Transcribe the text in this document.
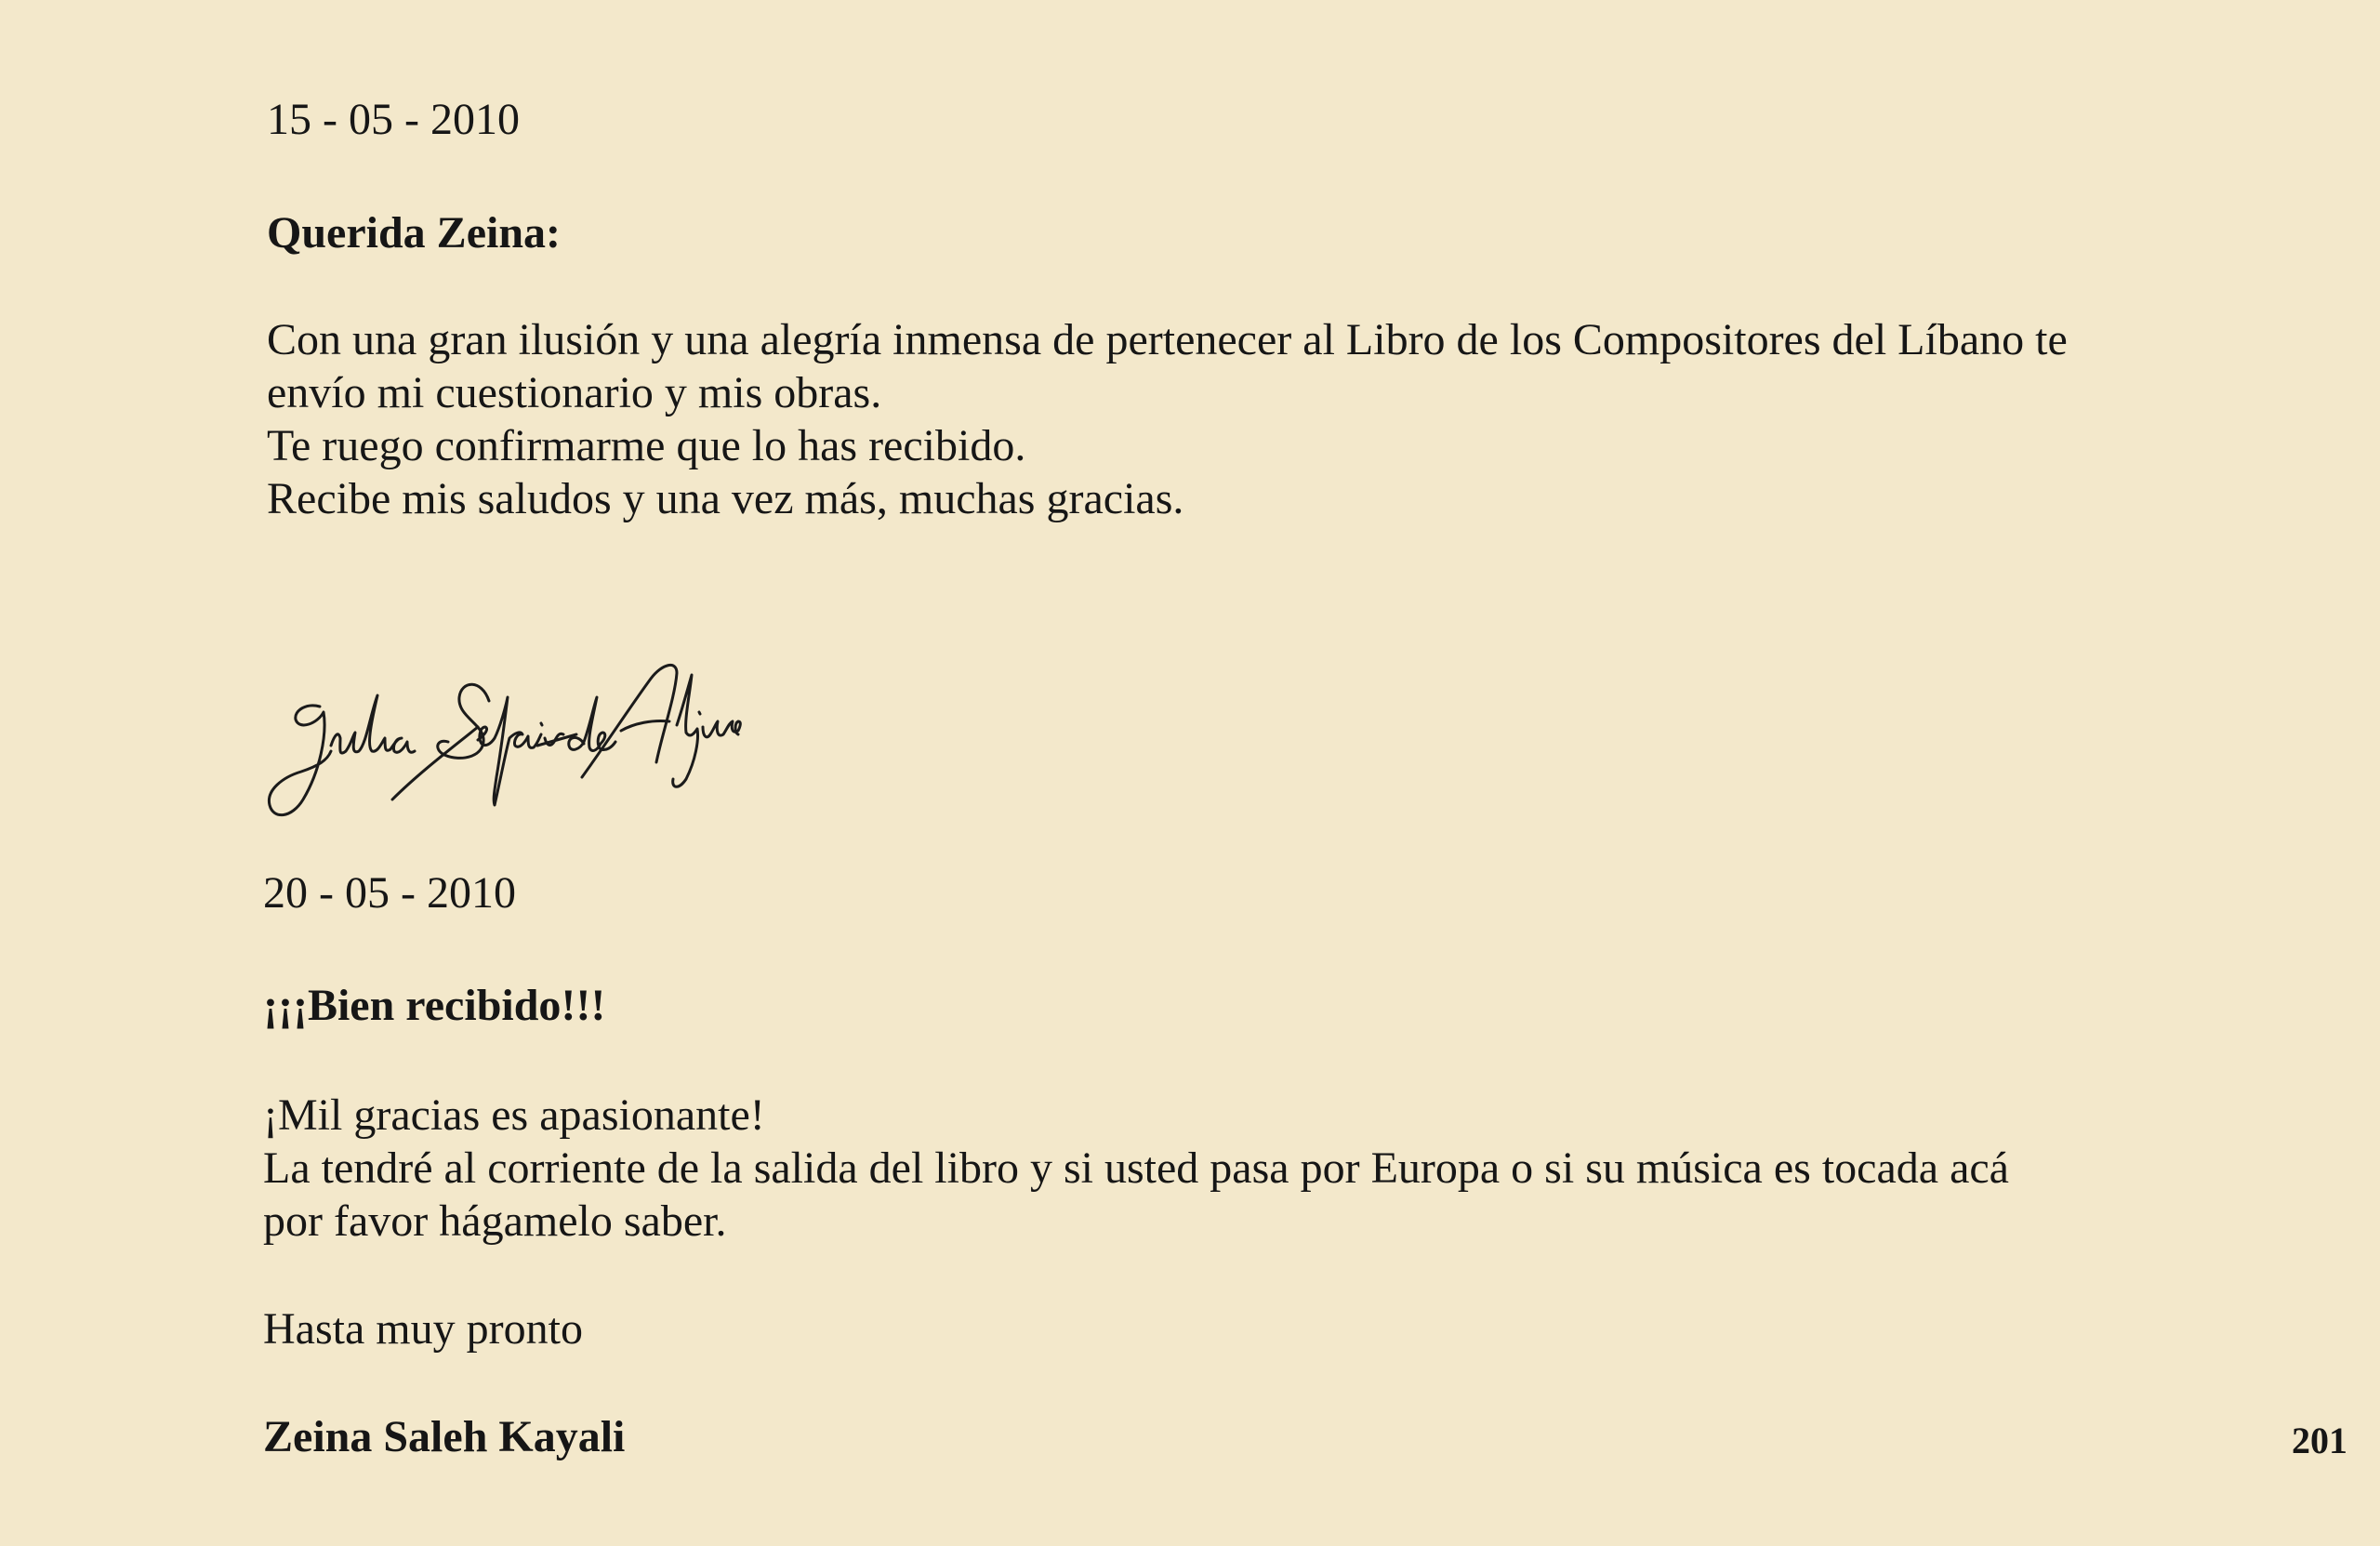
15 - 05 - 2010

Querida Zeina:

Con una gran ilusión y una alegría inmensa de pertenecer al Libro de los Compositores del Líbano te
envío mi cuestionario y mis obras.
Te ruego confirmarme que lo has recibido.
Recibe mis saludos y una vez más, muchas gracias.

20 - 05 - 2010

¡¡¡Bien recibido!!!

¡Mil gracias es apasionante!
La tendré al corriente de la salida del libro y si usted pasa por Europa o si su música es tocada acá
por favor hágamelo saber.

Hasta muy pronto

Zeina Saleh Kayali	201
